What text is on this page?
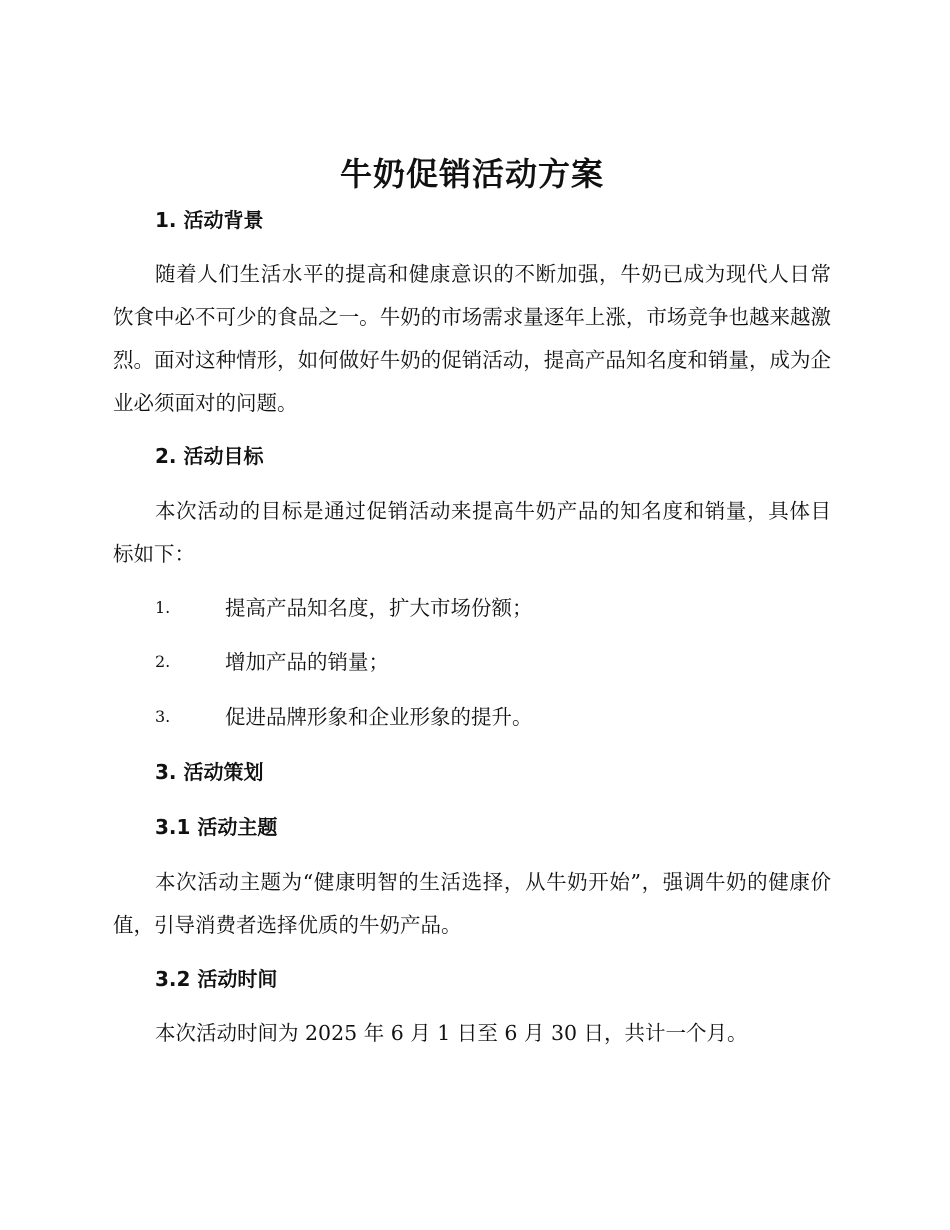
牛奶促销活动方案
1. 活动背景

随着人们生活水平的提高和健康意识的不断加强，牛奶已成为现代人日常饮食中必不可少的食品之一。牛奶的市场需求量逐年上涨，市场竞争也越来越激烈。面对这种情形，如何做好牛奶的促销活动，提高产品知名度和销量，成为企业必须面对的问题。

2. 活动目标

本次活动的目标是通过促销活动来提高牛奶产品的知名度和销量，具体目标如下：

1.	提高产品知名度，扩大市场份额；
2.	增加产品的销量；
3.	促进品牌形象和企业形象的提升。
3. 活动策划
3.1 活动主题

本次活动主题为“健康明智的生活选择，从牛奶开始”，强调牛奶的健康价值，引导消费者选择优质的牛奶产品。

3.2 活动时间

本次活动时间为 2025 年 6 月 1 日至 6 月 30 日，共计一个月。
